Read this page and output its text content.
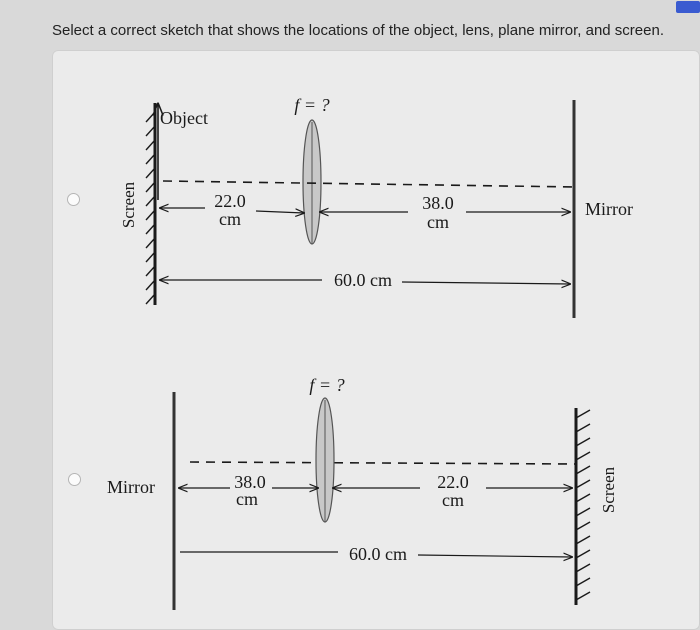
Select a correct sketch that shows the locations of the object, lens, plane mirror, and screen.
Screen
Object
f = ?
Mirror
22.0
cm
38.0
cm
60.0 cm
Mirror
f = ?
Screen
38.0
cm
22.0
cm
60.0 cm
